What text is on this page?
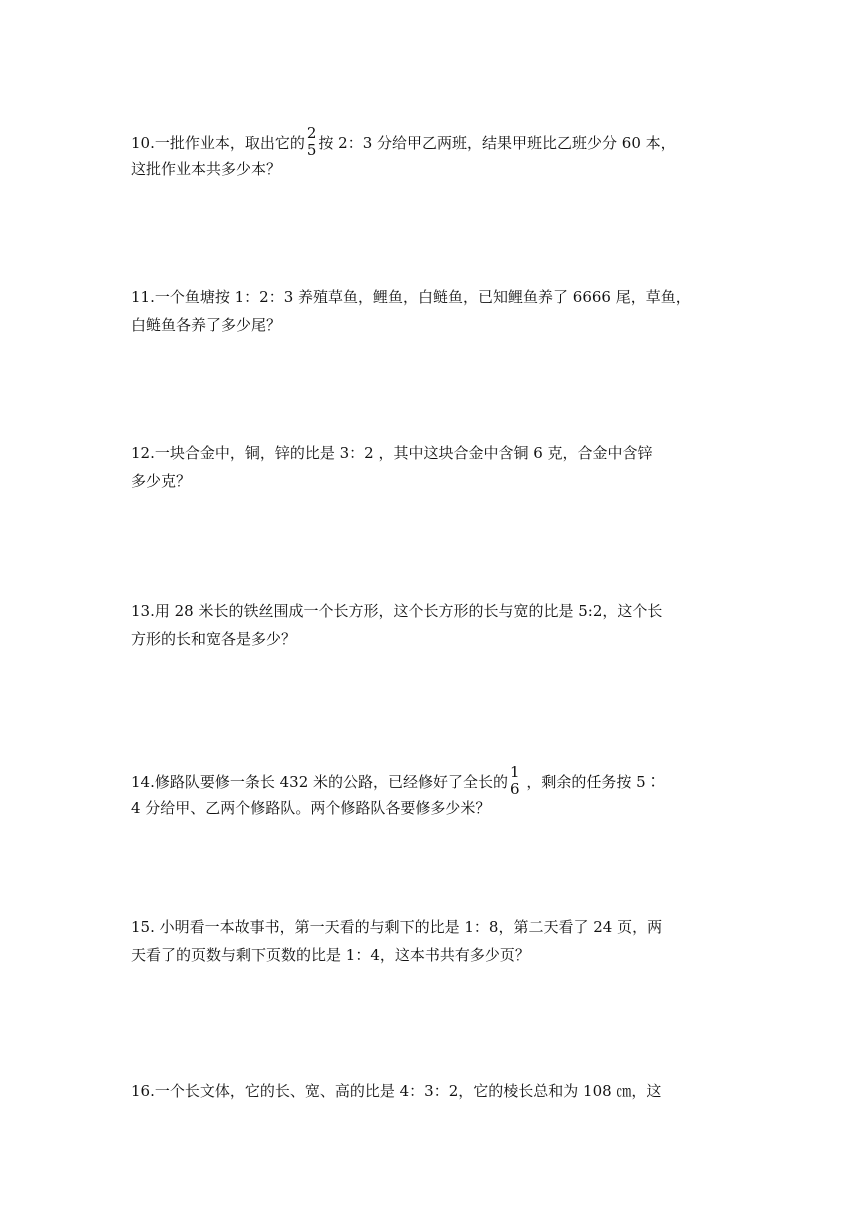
10.一批作业本，取出它的
2
5 按 2：3 分给甲乙两班，结果甲班比乙班少分 60 本，
这批作业本共多少本？
11.一个鱼塘按 1：2：3 养殖草鱼，鲤鱼，白鲢鱼，已知鲤鱼养了 6666 尾，草鱼，
白鲢鱼各养了多少尾？
12.一块合金中，铜，锌的比是 3：2 ，其中这块合金中含铜 6 克，合金中含锌
多少克？
13.用 28 米长的铁丝围成一个长方形，这个长方形的长与宽的比是 5:2，这个长
方形的长和宽各是多少？
14.修路队要修一条长 432 米的公路，已经修好了全长的
1
6 ，剩余的任务按 5∶
4 分给甲、乙两个修路队。两个修路队各要修多少米？
15. 小明看一本故事书，第一天看的与剩下的比是 1：8，第二天看了 24 页，两
天看了的页数与剩下页数的比是 1：4，这本书共有多少页？
16.一个长文体，它的长、宽、高的比是 4：3：2，它的棱长总和为 108 ㎝，这
